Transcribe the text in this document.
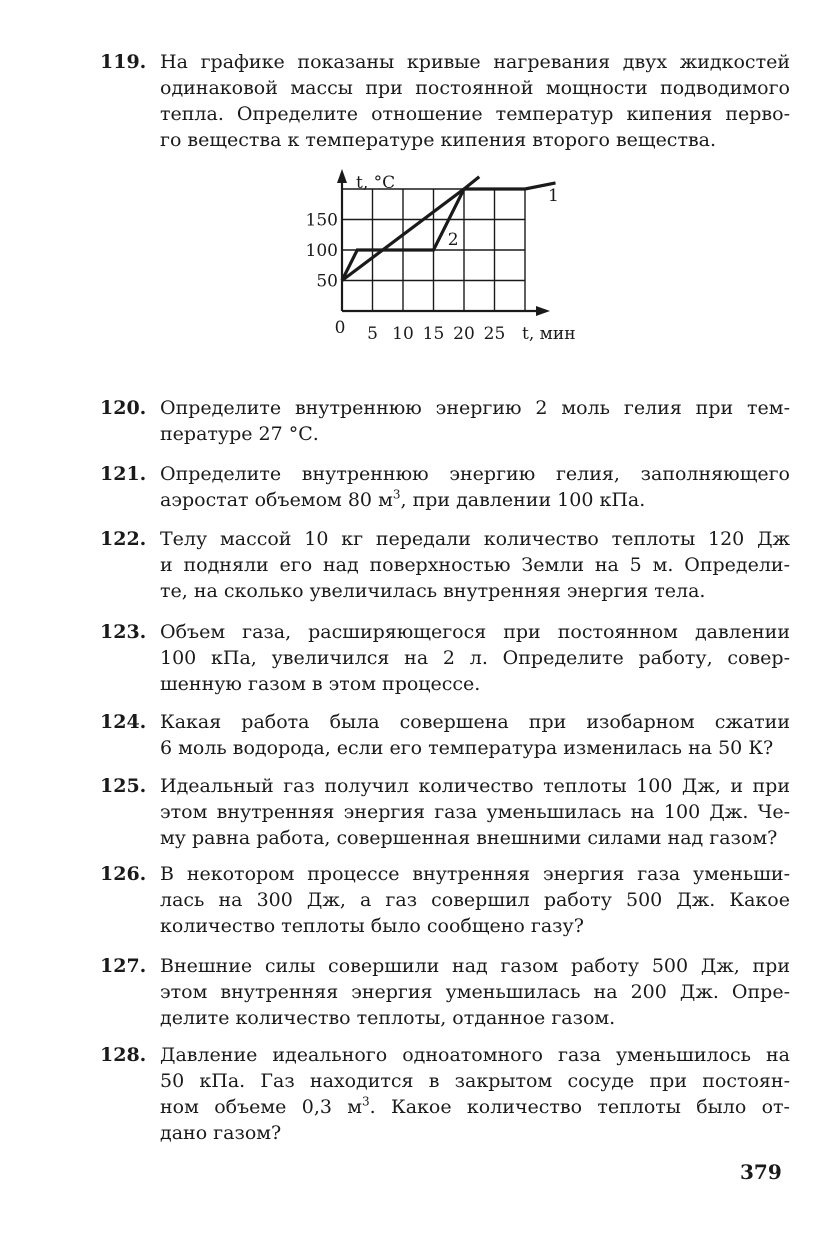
119. На графике показаны кривые нагревания двух жидкостей
одинаковой массы при постоянной мощности подводимого
тепла. Определите отношение температур кипения перво-
го вещества к температуре кипения второго вещества.
1
2
50
100
150
0 5 10 15 20 25
t, °C
t, мин
120. Определите внутреннюю энергию 2 моль гелия при тем-
пературе 27 °С.
121. Определите внутреннюю энергию гелия, заполняющего
аэростат объемом 80 $м^3$, при давлении 100 кПа.
122. Телу массой 10 кг передали количество теплоты 120 Дж
и подняли его над поверхностью Земли на 5 м. Определи-
те, на сколько увеличилась внутренняя энергия тела.
123. Объем газа, расширяющегося при постоянном давлении
100 кПа, увеличился на 2 л. Определите работу, совер-
шенную газом в этом процессе.
124. Какая работа была совершена при изобарном сжатии
6 моль водорода, если его температура изменилась на 50 К?
125. Идеальный газ получил количество теплоты 100 Дж, и при
этом внутренняя энергия газа уменьшилась на 100 Дж. Че-
му равна работа, совершенная внешними силами над газом?
126. В некотором процессе внутренняя энергия газа уменьши-
лась на 300 Дж, а газ совершил работу 500 Дж. Какое
количество теплоты было сообщено газу?
127. Внешние силы совершили над газом работу 500 Дж, при
этом внутренняя энергия уменьшилась на 200 Дж. Опре-
делите количество теплоты, отданное газом.
128. Давление идеального одноатомного газа уменьшилось на
50 кПа. Газ находится в закрытом сосуде при постоян-
ном объеме 0,3 $м^3$. Какое количество теплоты было от-
дано газом?
379
